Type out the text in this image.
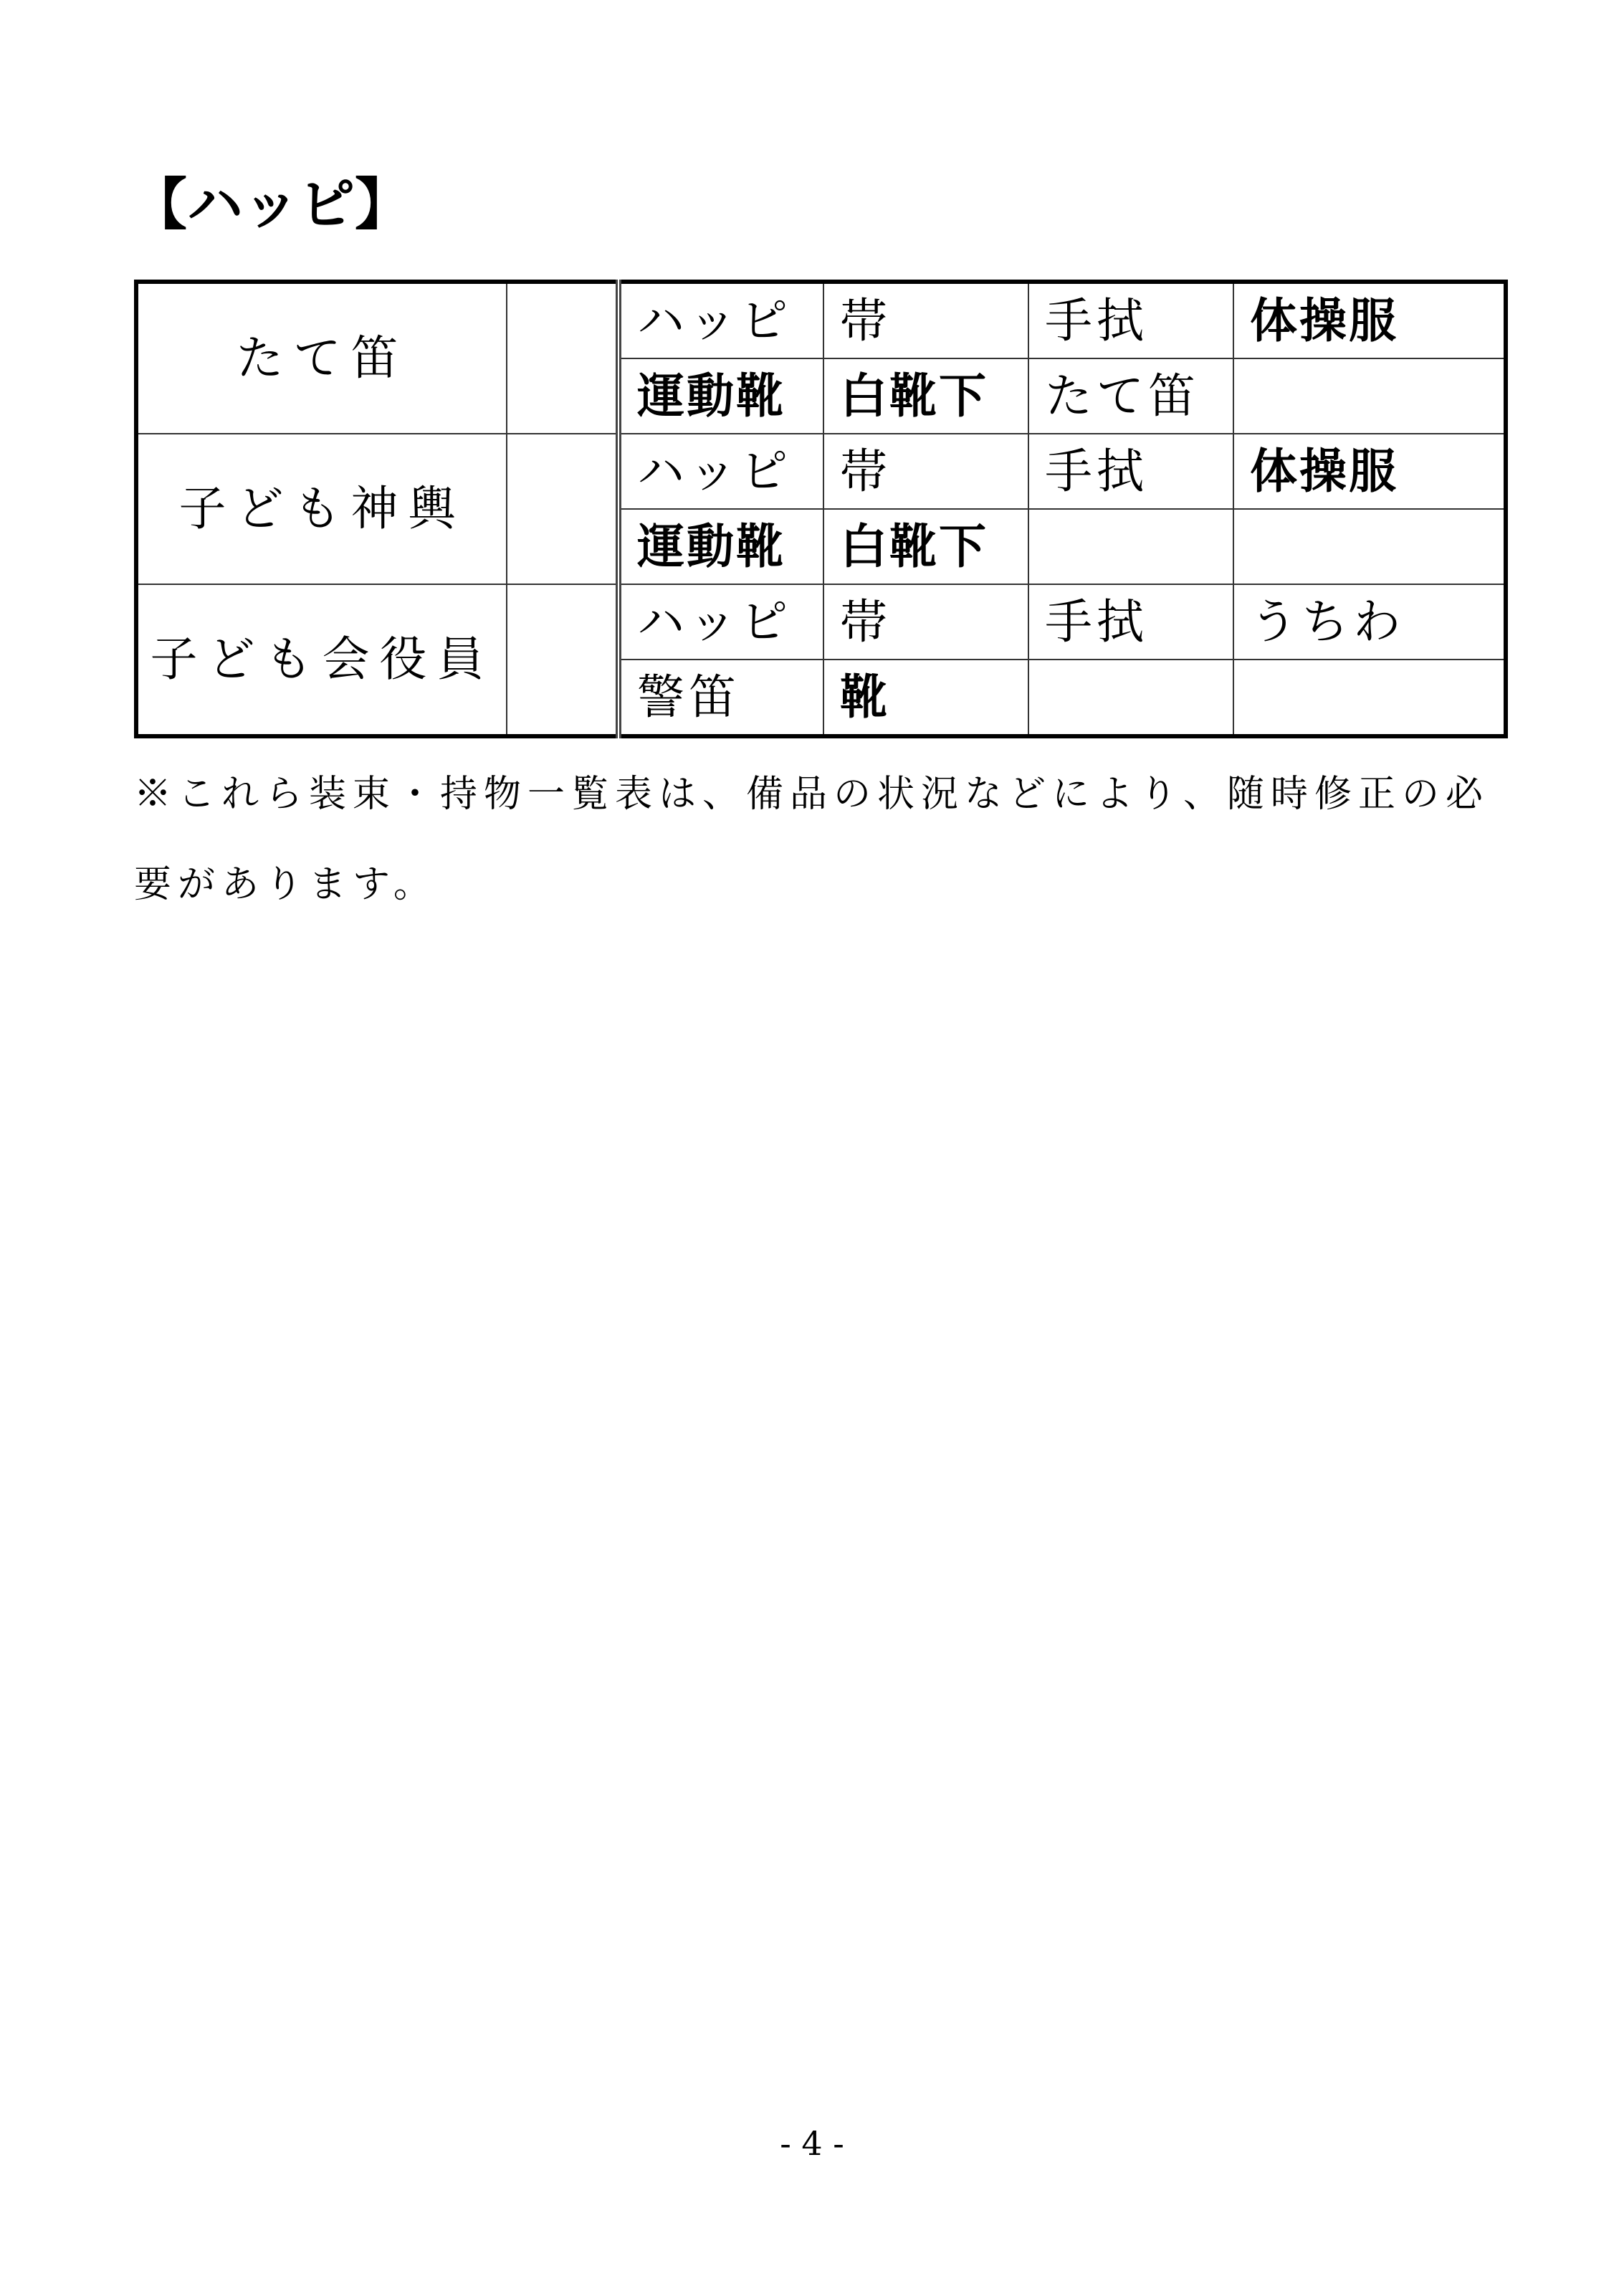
【ハッピ】
たて笛		ハッピ	帯	手拭	体操服
		運動靴	白靴下	たて笛	
子ども神輿		ハッピ	帯	手拭	体操服
		運動靴	白靴下		
子ども会役員		ハッピ	帯	手拭	うちわ
		警笛	靴		
※これら装束・持物一覧表は、備品の状況などにより、随時修正の必要があります。
- 4 -
